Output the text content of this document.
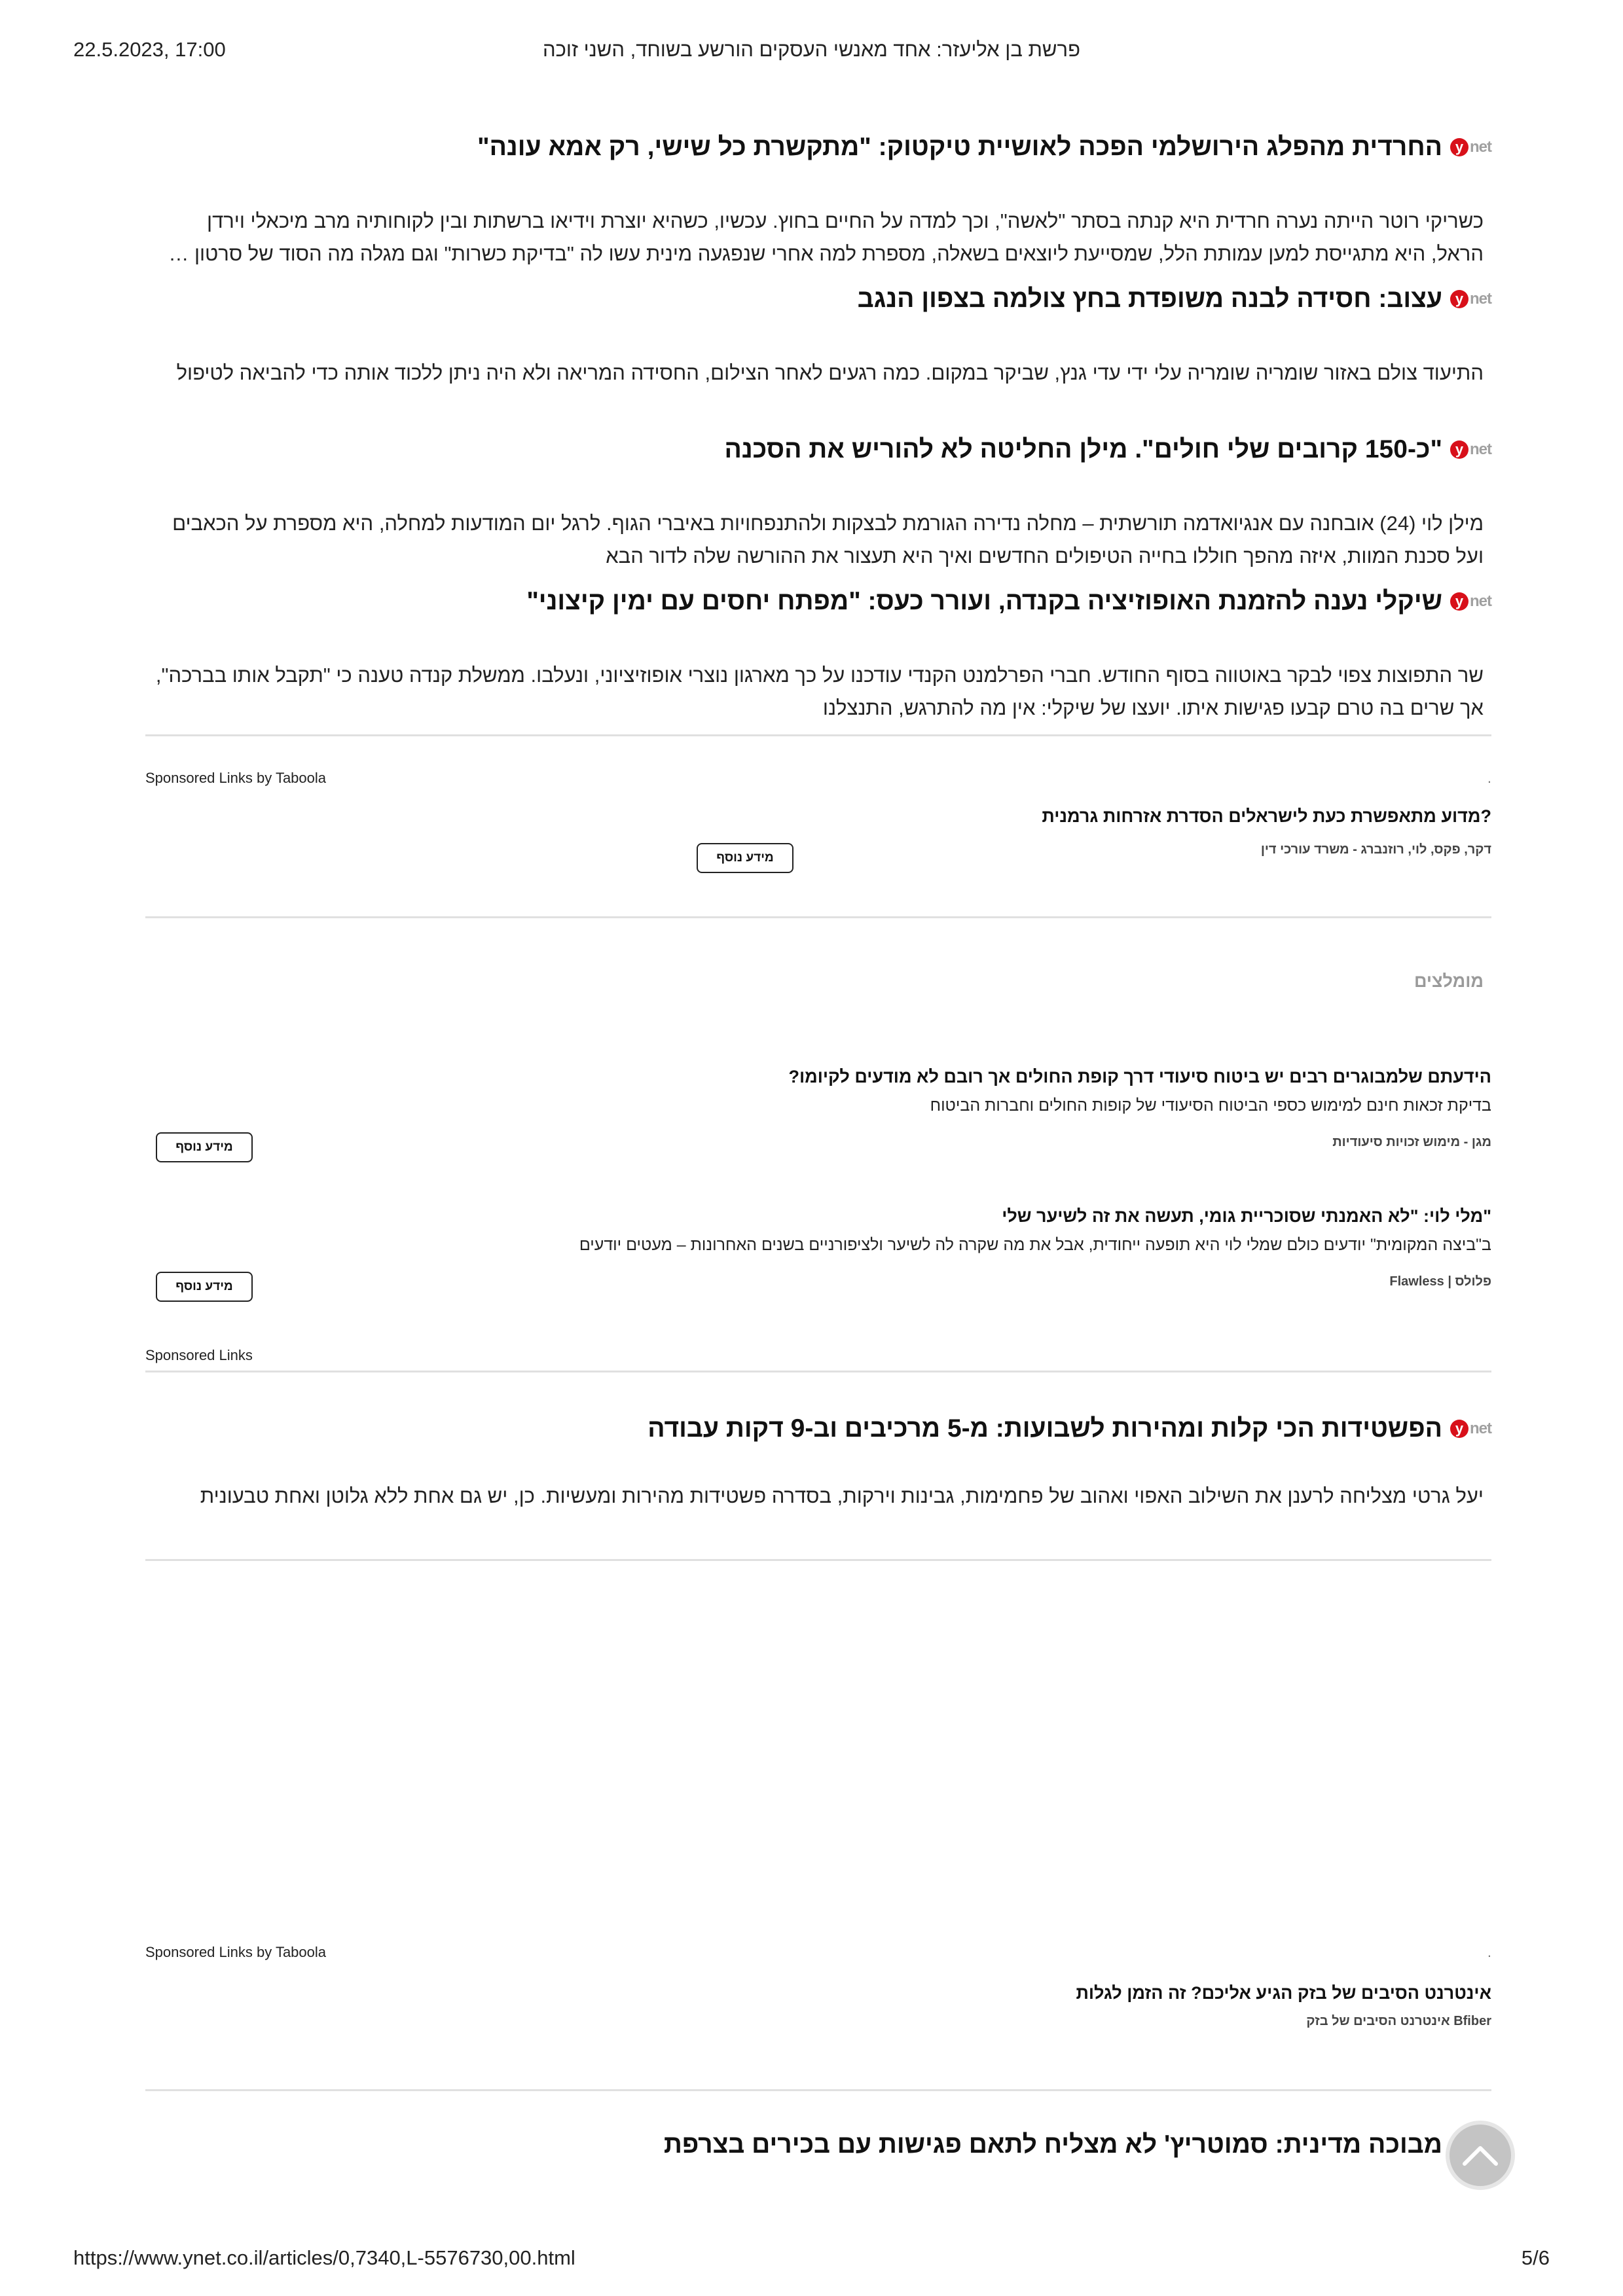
22.5.2023, 17:00	פרשת בן אליעזר: אחד מאנשי העסקים הורשע בשוחד, השני זוכה
y net
החרדית מהפלג הירושלמי הפכה לאושיית טיקטוק: "מתקשרת כל שישי, רק אמא עונה"

כשריקי רוטר הייתה נערה חרדית היא קנתה בסתר "לאשה", וכך למדה על החיים בחוץ. עכשיו, כשהיא יוצרת וידיאו ברשתות ובין לקוחותיה מרב מיכאלי וירדן הראל, היא מתגייסת למען עמותת הלל, שמסייעת ליוצאים בשאלה, מספרת למה אחרי שנפגעה מינית עשו לה "בדיקת כשרות" וגם מגלה מה הסוד של סרטון …

y net
עצוב: חסידה לבנה משופדת בחץ צולמה בצפון הנגב

התיעוד צולם באזור שומריה שומריה עלי ידי עדי גנץ, שביקר במקום. כמה רגעים לאחר הצילום, החסידה המריאה ולא היה ניתן ללכוד אותה כדי להביאה לטיפול

y net
"כ-150 קרובים שלי חולים". מילן החליטה לא להוריש את הסכנה

מילן לוי (24) אובחנה עם אנגיואדמה תורשתית – מחלה נדירה הגורמת לבצקות ולהתנפחויות באיברי הגוף. לרגל יום המודעות למחלה, היא מספרת על הכאבים ועל סכנת המוות, איזה מהפך חוללו בחייה הטיפולים החדשים ואיך היא תעצור את ההורשה שלה לדור הבא

y net
שיקלי נענה להזמנת האופוזיציה בקנדה, ועורר כעס: "מפתח יחסים עם ימין קיצוני"

שר התפוצות צפוי לבקר באוטווה בסוף החודש. חברי הפרלמנט הקנדי עודכנו על כך מארגון נוצרי אופוזיציוני, ונעלבו. ממשלת קנדה טענה כי "תקבל אותו בברכה", אך שרים בה טרם קבעו פגישות איתו. יועצו של שיקלי: אין מה להתרגש, התנצלנו

Sponsored Links by Taboola	.
?מדוע מתאפשרת כעת לישראלים הסדרת אזרחות גרמנית
דקר, פקס, לוי, רוזנברג - משרד עורכי דין
מידע נוסף
מומלצים
הידעתם שלמבוגרים רבים יש ביטוח סיעודי דרך קופת החולים אך רובם לא מודעים לקיומו?
בדיקת זכאות חינם למימוש כספי הביטוח הסיעודי של קופות החולים וחברות הביטוח
מגן - מימוש זכויות סיעודיות
מידע נוסף
"מלי לוי: "לא האמנתי שסוכריית גומי, תעשה את זה לשיער שלי
ב"ביצה המקומית" יודעים כולם שמלי לוי היא תופעה ייחודית, אבל את מה שקרה לה לשיער ולציפורניים בשנים האחרונות – מעטים יודעים
פלולס | Flawless
מידע נוסף
Sponsored Links
y net
הפשטידות הכי קלות ומהירות לשבועות: מ-5 מרכיבים וב-9 דקות עבודה

יעל גרטי מצליחה לרענן את השילוב האפוי ואהוב של פחמימות, גבינות וירקות, בסדרה פשטידות מהירות ומעשיות. כן, יש גם אחת ללא גלוטן ואחת טבעונית

Sponsored Links by Taboola	.
אינטרנט הסיבים של בזק הגיע אליכם? זה הזמן לגלות
Bfiber אינטרנט הסיבים של בזק
מבוכה מדינית: סמוטריץ' לא מצליח לתאם פגישות עם בכירים בצרפת
https://www.ynet.co.il/articles/0,7340,L-5576730,00.html	5/6
